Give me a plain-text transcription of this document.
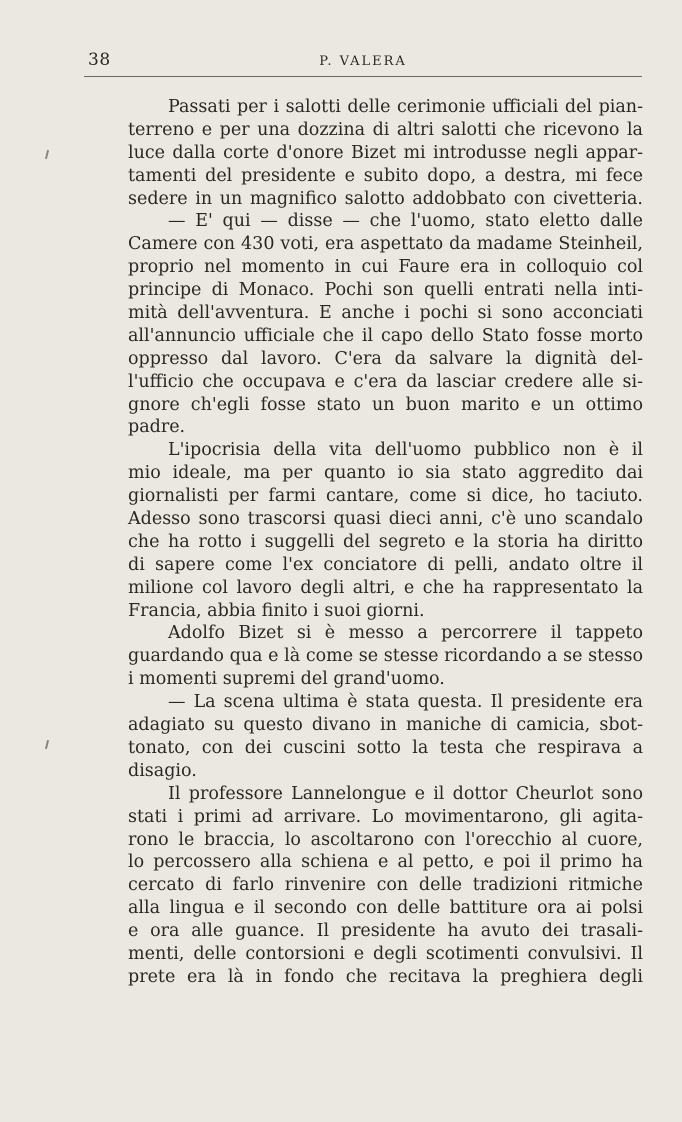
38	P. VALERA
Passati per i salotti delle cerimonie ufficiali del pian-
terreno e per una dozzina di altri salotti che ricevono la
luce dalla corte d'onore Bizet mi introdusse negli appar-
tamenti del presidente e subito dopo, a destra, mi fece
sedere in un magnifico salotto addobbato con civetteria.
— E' qui — disse — che l'uomo, stato eletto dalle
Camere con 430 voti, era aspettato da madame Steinheil,
proprio nel momento in cui Faure era in colloquio col
principe di Monaco. Pochi son quelli entrati nella inti-
mità dell'avventura. E anche i pochi si sono acconciati
all'annuncio ufficiale che il capo dello Stato fosse morto
oppresso dal lavoro. C'era da salvare la dignità del-
l'ufficio che occupava e c'era da lasciar credere alle si-
gnore ch'egli fosse stato un buon marito e un ottimo
padre.
L'ipocrisia della vita dell'uomo pubblico non è il
mio ideale, ma per quanto io sia stato aggredito dai
giornalisti per farmi cantare, come si dice, ho taciuto.
Adesso sono trascorsi quasi dieci anni, c'è uno scandalo
che ha rotto i suggelli del segreto e la storia ha diritto
di sapere come l'ex conciatore di pelli, andato oltre il
milione col lavoro degli altri, e che ha rappresentato la
Francia, abbia finito i suoi giorni.
Adolfo Bizet si è messo a percorrere il tappeto
guardando qua e là come se stesse ricordando a se stesso
i momenti supremi del grand'uomo.
— La scena ultima è stata questa. Il presidente era
adagiato su questo divano in maniche di camicia, sbot-
tonato, con dei cuscini sotto la testa che respirava a
disagio.
Il professore Lannelongue e il dottor Cheurlot sono
stati i primi ad arrivare. Lo movimentarono, gli agita-
rono le braccia, lo ascoltarono con l'orecchio al cuore,
lo percossero alla schiena e al petto, e poi il primo ha
cercato di farlo rinvenire con delle tradizioni ritmiche
alla lingua e il secondo con delle battiture ora ai polsi
e ora alle guance. Il presidente ha avuto dei trasali-
menti, delle contorsioni e degli scotimenti convulsivi. Il
prete era là in fondo che recitava la preghiera degli
